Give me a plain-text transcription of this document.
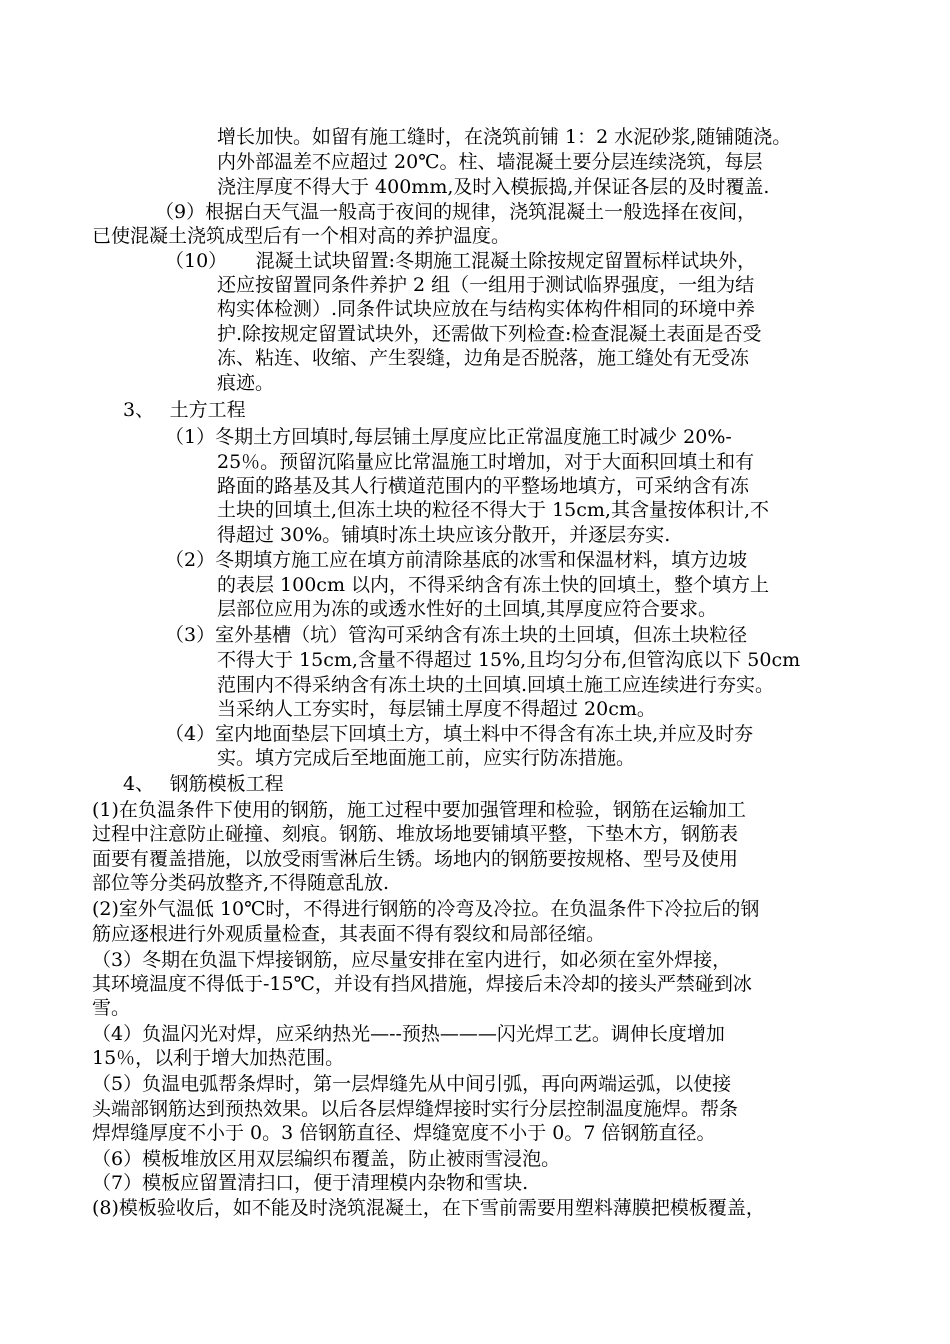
增长加快。如留有施工缝时，在浇筑前铺 1：2 水泥砂浆,随铺随浇。
内外部温差不应超过 20℃。柱、墙混凝土要分层连续浇筑，每层
浇注厚度不得大于 400mm,及时入模振捣,并保证各层的及时覆盖.
（9）根据白天气温一般高于夜间的规律，浇筑混凝土一般选择在夜间，
已使混凝土浇筑成型后有一个相对高的养护温度。
（10）　　混凝土试块留置:冬期施工混凝土除按规定留置标样试块外，
还应按留置同条件养护 2 组（一组用于测试临界强度，一组为结
构实体检测）.同条件试块应放在与结构实体构件相同的环境中养
护.除按规定留置试块外，还需做下列检查:检查混凝土表面是否受
冻、粘连、收缩、产生裂缝，边角是否脱落，施工缝处有无受冻
痕迹。
3、　 土方工程
（1）冬期土方回填时,每层铺土厚度应比正常温度施工时减少 20%-
25％。预留沉陷量应比常温施工时增加，对于大面积回填土和有
路面的路基及其人行横道范围内的平整场地填方，可采纳含有冻
土块的回填土,但冻土块的粒径不得大于 15cm,其含量按体积计,不
得超过 30%。铺填时冻土块应该分散开，并逐层夯实.
（2）冬期填方施工应在填方前清除基底的冰雪和保温材料，填方边坡
的表层 100cm 以内，不得采纳含有冻土快的回填土，整个填方上
层部位应用为冻的或透水性好的土回填,其厚度应符合要求。
（3）室外基槽（坑）管沟可采纳含有冻土块的土回填，但冻土块粒径
不得大于 15cm,含量不得超过 15%,且均匀分布,但管沟底以下 50cm
范围内不得采纳含有冻土块的土回填.回填土施工应连续进行夯实。
当采纳人工夯实时，每层铺土厚度不得超过 20cm。
（4）室内地面垫层下回填土方，填土料中不得含有冻土块,并应及时夯
实。填方完成后至地面施工前，应实行防冻措施。
4、　 钢筋模板工程
(1)在负温条件下使用的钢筋，施工过程中要加强管理和检验，钢筋在运输加工
过程中注意防止碰撞、刻痕。钢筋、堆放场地要铺填平整，下垫木方，钢筋表
面要有覆盖措施，以放受雨雪淋后生锈。场地内的钢筋要按规格、型号及使用
部位等分类码放整齐,不得随意乱放.
(2)室外气温低 10℃时，不得进行钢筋的冷弯及冷拉。在负温条件下冷拉后的钢
筋应逐根进行外观质量检查，其表面不得有裂纹和局部径缩。
（3）冬期在负温下焊接钢筋，应尽量安排在室内进行，如必须在室外焊接，
其环境温度不得低于-15℃，并设有挡风措施，焊接后未冷却的接头严禁碰到冰
雪。
（4）负温闪光对焊，应采纳热光—--预热———闪光焊工艺。调伸长度增加
15％，以利于增大加热范围。
（5）负温电弧帮条焊时，第一层焊缝先从中间引弧，再向两端运弧，以使接
头端部钢筋达到预热效果。以后各层焊缝焊接时实行分层控制温度施焊。帮条
焊焊缝厚度不小于 0。3 倍钢筋直径、焊缝宽度不小于 0。7 倍钢筋直径。
（6）模板堆放区用双层编织布覆盖，防止被雨雪浸泡。
（7）模板应留置清扫口，便于清理模内杂物和雪块.
(8)模板验收后，如不能及时浇筑混凝土，在下雪前需要用塑料薄膜把模板覆盖，
